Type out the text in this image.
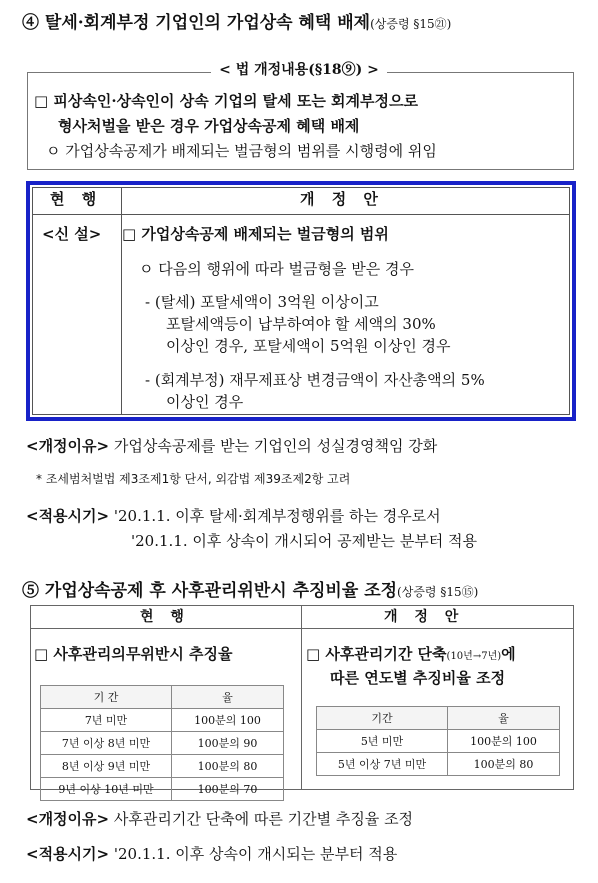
④ 탈세·회계부정 기업인의 가업상속 혜택 배제(상증령 §15㉑)
< 법 개정내용(§18⑨) >
□ 피상속인·상속인이 상속 기업의 탈세 또는 회계부정으로
형사처벌을 받은 경우 가업상속공제 혜택 배제
ㅇ 가업상속공제가 배제되는 벌금형의 범위를 시행령에 위임
현 행	개 정 안
<신 설> □ 가업상속공제 배제되는 벌금형의 범위
ㅇ 다음의 행위에 따라 벌금형을 받은 경우
- (탈세) 포탈세액이 3억원 이상이고
포탈세액등이 납부하여야 할 세액의 30%
이상인 경우, 포탈세액이 5억원 이상인 경우
- (회계부정) 재무제표상 변경금액이 자산총액의 5%
이상인 경우
<개정이유> 가업상속공제를 받는 기업인의 성실경영책임 강화
* 조세범처벌법 제3조제1항 단서, 외감법 제39조제2항 고려
<적용시기> '20.1.1. 이후 탈세·회계부정행위를 하는 경우로서
'20.1.1. 이후 상속이 개시되어 공제받는 분부터 적용
⑤ 가업상속공제 후 사후관리위반시 추징비율 조정(상증령 §15⑮)
현 행	개 정 안
□ 사후관리의무위반시 추징율	□ 사후관리기간 단축(10년→7년)에
따른 연도별 추징비율 조정
기 간	율
7년 미만	100분의 100
7년 이상 8년 미만	100분의 90
8년 이상 9년 미만	100분의 80
9년 이상 10년 미만	100분의 70
기간	율
5년 미만	100분의 100
5년 이상 7년 미만	100분의 80
<개정이유> 사후관리기간 단축에 따른 기간별 추징율 조정
<적용시기> '20.1.1. 이후 상속이 개시되는 분부터 적용
